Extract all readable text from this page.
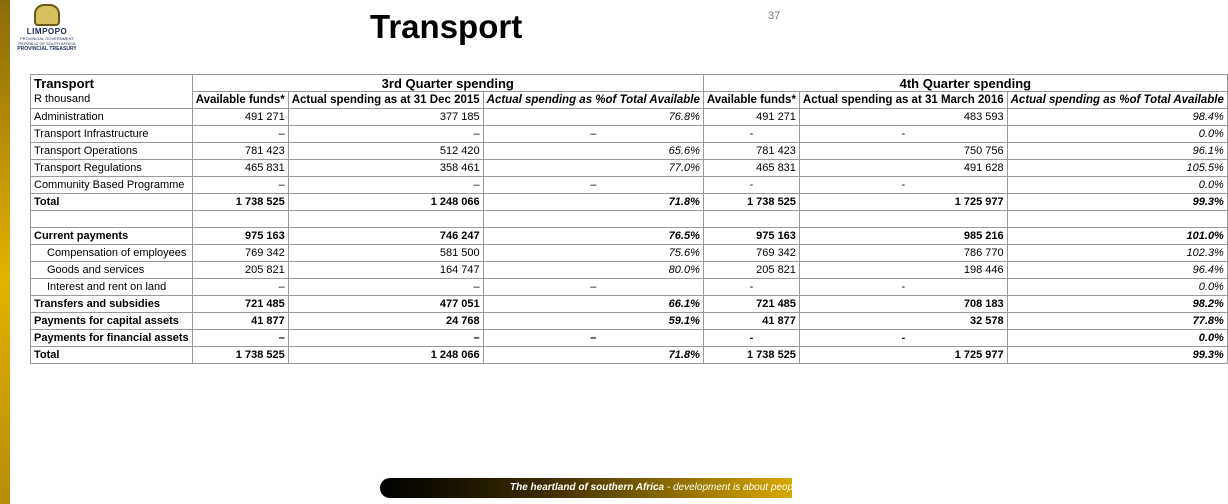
LIMPOPO
PROVINCIAL GOVERNMENT REPUBLIC OF SOUTH AFRICA
PROVINCIAL TREASURY
Transport	37
Transport
R thousand	3rd Quarter spending			4th Quarter spending		
	Available funds*	Actual spending as at 31 Dec 2015	Actual spending as %of Total Available	Available funds*	Actual spending as at 31 March 2016	Actual spending as %of Total Available
Administration	491 271	377 185	76.8%	491 271	483 593	98.4%
Transport Infrastructure	–	–	–	-	-	0.0%
Transport Operations	781 423	512 420	65.6%	781 423	750 756	96.1%
Transport Regulations	465 831	358 461	77.0%	465 831	491 628	105.5%
Community Based Programme	–	–	–	-	-	0.0%
Total	1 738 525	1 248 066	71.8%	1 738 525	1 725 977	99.3%

Current payments	975 163	746 247	76.5%	975 163	985 216	101.0%
Compensation of employees	769 342	581 500	75.6%	769 342	786 770	102.3%
Goods and services	205 821	164 747	80.0%	205 821	198 446	96.4%
Interest and rent on land	–	–	–	-	-	0.0%
Transfers and subsidies	721 485	477 051	66.1%	721 485	708 183	98.2%
Payments for capital assets	41 877	24 768	59.1%	41 877	32 578	77.8%
Payments for financial assets	–	–	–	-	-	0.0%
Total	1 738 525	1 248 066	71.8%	1 738 525	1 725 977	99.3%
The heartland of southern Africa - development is about people
